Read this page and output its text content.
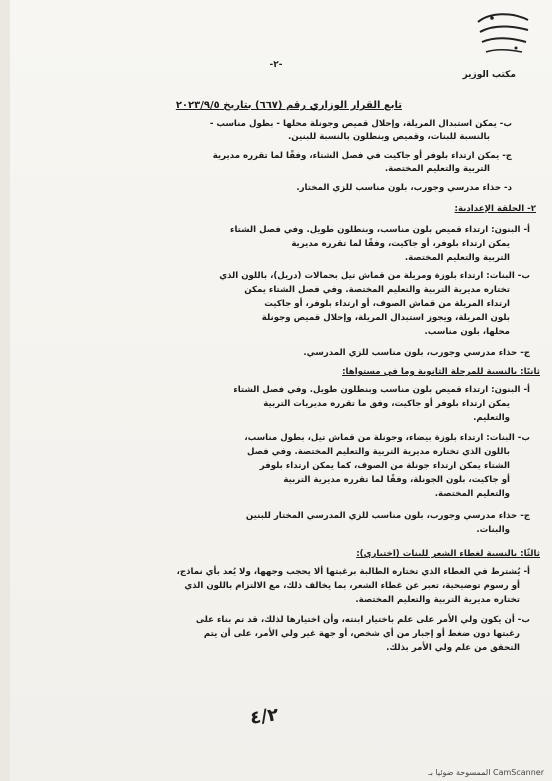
مكتب الوزير
-٢-
تابع القرار الوزاري رقم (٦٦٧) بتاريخ ٢٠٢٣/٩/٥
ب- يمكن استبدال المريلة، وإحلال قميص وجونلة محلها - بطول مناسب -
بالنسبة للبنات، وقميص وبنطلون بالنسبة للبنين.
ج- يمكن ارتداء بلوفر أو جاكيت في فصل الشتاء، وفقًا لما تقرره مديرية
التربية والتعليم المختصة.
د- حذاء مدرسي وجورب، بلون مناسب للزي المختار.
٢- الحلقة الإعدادية:
أ- البنون: ارتداء قميص بلون مناسب، وبنطلون طويل. وفي فصل الشتاء
يمكن ارتداء بلوفر، أو جاكيت، وفقًا لما تقرره مديرية
التربية والتعليم المختصة.
ب- البنات: ارتداء بلوزة ومريلة من قماش تيل بحمالات (دريل)، باللون الذي
تختاره مديرية التربية والتعليم المختصة. وفي فصل الشتاء يمكن
ارتداء المريلة من قماش الصوف، أو ارتداء بلوفر، أو جاكيت
بلون المريلة، ويجوز استبدال المريلة، وإحلال قميص وجونلة
محلها، بلون مناسب.
ج- حذاء مدرسي وجورب، بلون مناسب للزي المدرسي.
ثانيًا: بالنسبة للمرحلة الثانوية وما في مستواها:
أ- البنون: ارتداء قميص بلون مناسب وبنطلون طويل. وفي فصل الشتاء
يمكن ارتداء بلوفر أو جاكيت، وفق ما تقرره مديريات التربية
والتعليم.
ب- البنات: ارتداء بلوزة بيضاء، وجونلة من قماش تيل، بطول مناسب،
باللون الذي تختاره مديرية التربية والتعليم المختصة. وفي فصل
الشتاء يمكن ارتداء جونلة من الصوف، كما يمكن ارتداء بلوفر
أو جاكيت، بلون الجونلة، وفقًا لما تقرره مديرية التربية
والتعليم المختصة.
ج- حذاء مدرسي وجورب، بلون مناسب للزي المدرسي المختار للبنين
والبنات.
ثالثًا: بالنسبة لغطاء الشعر للبنات (اختياري):
أ- يُشترط في الغطاء الذي تختاره الطالبة برغبتها ألا يحجب وجهها، ولا يُعد بأي نماذج،
أو رسوم توضيحية، تعبر عن غطاء الشعر، بما يخالف ذلك، مع الالتزام باللون الذي
تختاره مديرية التربية والتعليم المختصة.
ب- أن يكون ولي الأمر على علم باختيار ابنته، وأن اختيارها لذلك، قد تم بناء على
رغبتها دون ضغط أو إجبار من أي شخص، أو جهة غير ولي الأمر، على أن يتم
التحقق من علم ولي الأمر بذلك.
٤/٢
CamScanner الممسوحة ضوئيا بـ
